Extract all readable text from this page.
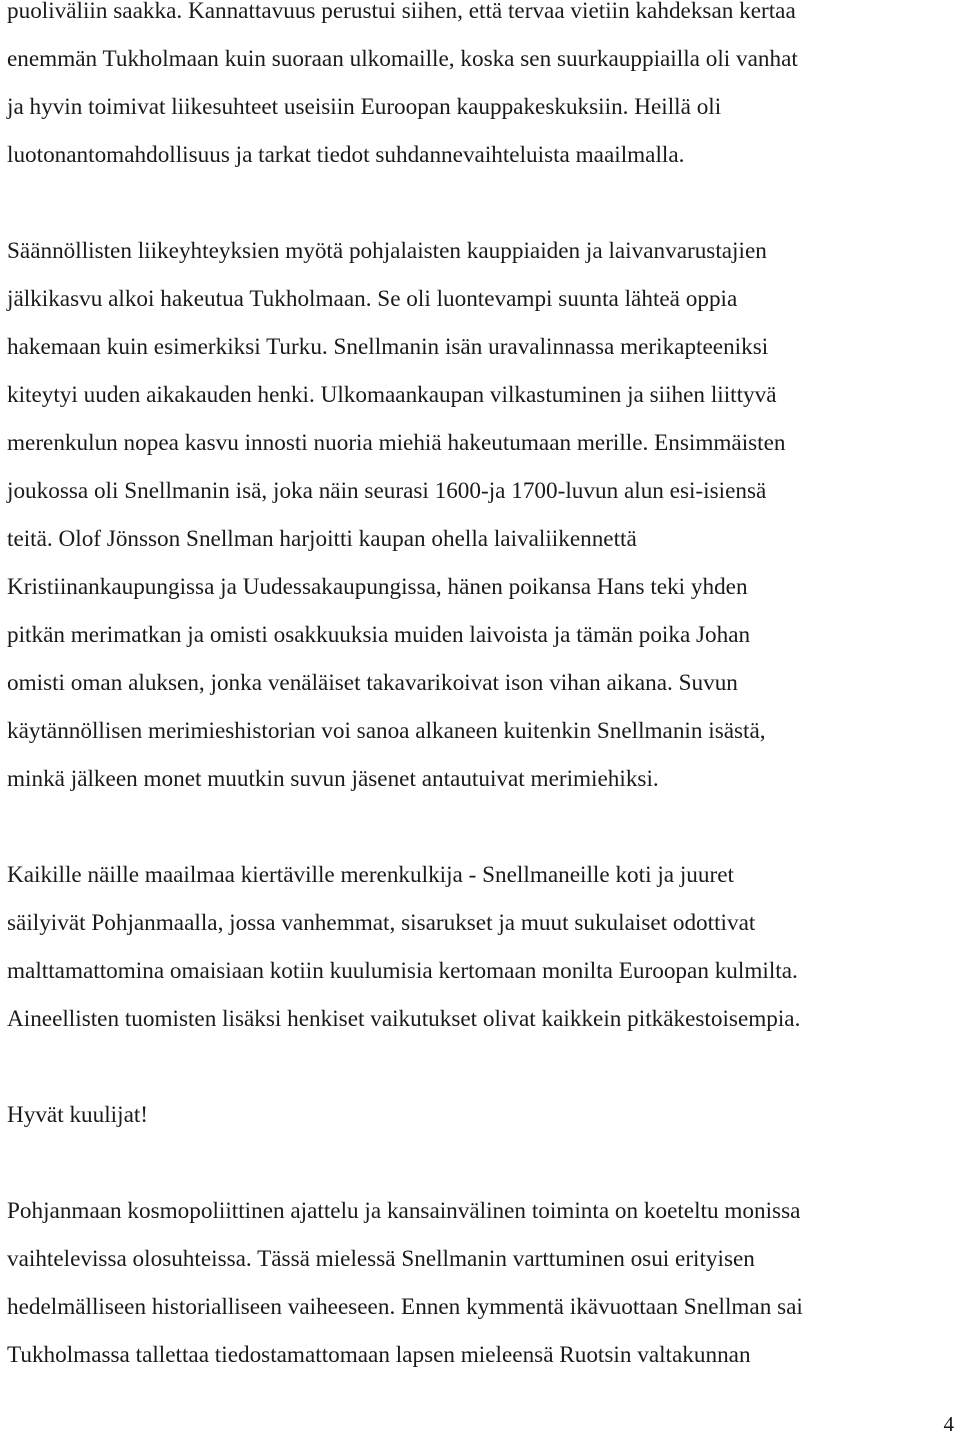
puoliväliin saakka. Kannattavuus perustui siihen, että tervaa vietiin kahdeksan kertaa
enemmän Tukholmaan kuin suoraan ulkomaille, koska sen suurkauppiailla oli vanhat
ja hyvin toimivat liikesuhteet useisiin Euroopan kauppakeskuksiin. Heillä oli
luotonantomahdollisuus ja tarkat tiedot suhdannevaihteluista maailmalla.

Säännöllisten liikeyhteyksien myötä pohjalaisten kauppiaiden ja laivanvarustajien
jälkikasvu alkoi hakeutua Tukholmaan. Se oli luontevampi suunta lähteä oppia
hakemaan kuin esimerkiksi Turku. Snellmanin isän uravalinnassa merikapteeniksi
kiteytyi uuden aikakauden henki. Ulkomaankaupan vilkastuminen ja siihen liittyvä
merenkulun nopea kasvu innosti nuoria miehiä hakeutumaan merille. Ensimmäisten
joukossa oli Snellmanin isä, joka näin seurasi 1600-ja 1700-luvun alun esi-isiensä
teitä. Olof Jönsson Snellman harjoitti kaupan ohella laivaliikennettä
Kristiinankaupungissa ja Uudessakaupungissa, hänen poikansa Hans teki yhden
pitkän merimatkan ja omisti osakkuuksia muiden laivoista ja tämän poika Johan
omisti oman aluksen, jonka venäläiset takavarikoivat ison vihan aikana. Suvun
käytännöllisen merimieshistorian voi sanoa alkaneen kuitenkin Snellmanin isästä,
minkä jälkeen monet muutkin suvun jäsenet antautuivat merimiehiksi.

Kaikille näille maailmaa kiertäville merenkulkija - Snellmaneille koti ja juuret
säilyivät Pohjanmaalla, jossa vanhemmat, sisarukset ja muut sukulaiset odottivat
malttamattomina omaisiaan kotiin kuulumisia kertomaan monilta Euroopan kulmilta.
Aineellisten tuomisten lisäksi henkiset vaikutukset olivat kaikkein pitkäkestoisempia.

Hyvät kuulijat!

Pohjanmaan kosmopoliittinen ajattelu ja kansainvälinen toiminta on koeteltu monissa
vaihtelevissa olosuhteissa. Tässä mielessä Snellmanin varttuminen osui erityisen
hedelmälliseen historialliseen vaiheeseen. Ennen kymmentä ikävuottaan Snellman sai
Tukholmassa tallettaa tiedostamattomaan lapsen mieleensä Ruotsin valtakunnan

4
